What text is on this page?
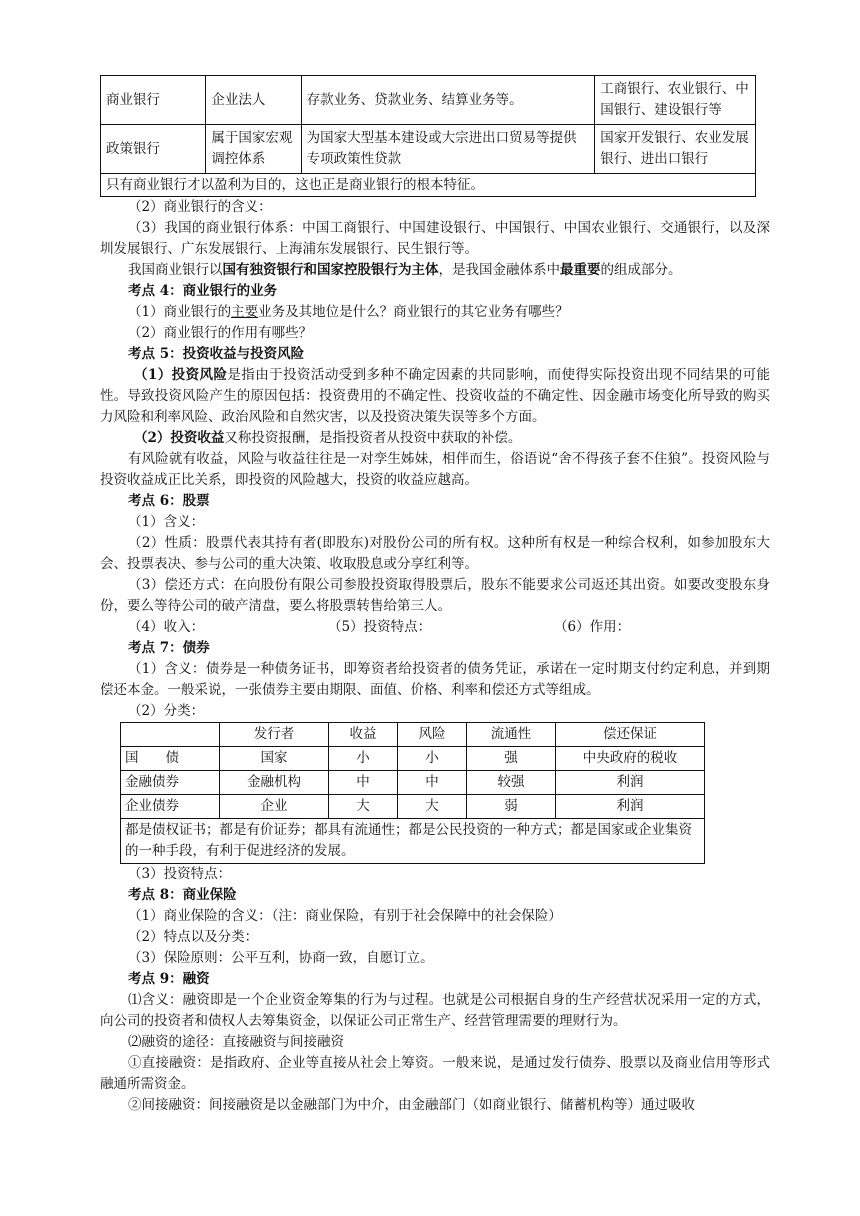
商业银行	企业法人	存款业务、贷款业务、结算业务等。	工商银行、农业银行、中国银行、建设银行等
政策银行	属于国家宏观调控体系	为国家大型基本建设或大宗进出口贸易等提供专项政策性贷款	国家开发银行、农业发展银行、进出口银行
只有商业银行才以盈利为目的，这也正是商业银行的根本特征。			

（2）商业银行的含义：

（3）我国的商业银行体系：中国工商银行、中国建设银行、中国银行、中国农业银行、交通银行，以及深圳发展银行、广东发展银行、上海浦东发展银行、民生银行等。

我国商业银行以国有独资银行和国家控股银行为主体，是我国金融体系中最重要的组成部分。

考点 4：商业银行的业务

（1）商业银行的主要业务及其地位是什么？商业银行的其它业务有哪些？

（2）商业银行的作用有哪些？

考点 5：投资收益与投资风险

（1）投资风险是指由于投资活动受到多种不确定因素的共同影响，而使得实际投资出现不同结果的可能性。导致投资风险产生的原因包括：投资费用的不确定性、投资收益的不确定性、因金融市场变化所导致的购买力风险和利率风险、政治风险和自然灾害，以及投资决策失误等多个方面。

（2）投资收益又称投资报酬，是指投资者从投资中获取的补偿。

有风险就有收益，风险与收益往往是一对孪生姊妹，相伴而生，俗语说“舍不得孩子套不住狼”。投资风险与投资收益成正比关系，即投资的风险越大，投资的收益应越高。

考点 6：股票

（1）含义：

（2）性质：股票代表其持有者(即股东)对股份公司的所有权。这种所有权是一种综合权利，如参加股东大会、投票表决、参与公司的重大决策、收取股息或分享红利等。

（3）偿还方式：在向股份有限公司参股投资取得股票后，股东不能要求公司返还其出资。如要改变股东身份，要么等待公司的破产清盘，要么将股票转售给第三人。

（4）收入：	（5）投资特点：	（6）作用：

考点 7：债券

（1）含义：债券是一种债务证书，即筹资者给投资者的债务凭证，承诺在一定时期支付约定利息，并到期偿还本金。一般采说，一张债券主要由期限、面值、价格、利率和偿还方式等组成。

（2）分类：

	发行者	收益	风险	流通性	偿还保证
国　　债	国家	小	小	强	中央政府的税收
金融债券	金融机构	中	中	较强	利润
企业债券	企业	大	大	弱	利润
都是债权证书；都是有价证券；都具有流通性；都是公民投资的一种方式；都是国家或企业集资的一种手段，有利于促进经济的发展。					

（3）投资特点：

考点 8：商业保险

（1）商业保险的含义：（注：商业保险，有别于社会保障中的社会保险）

（2）特点以及分类：

（3）保险原则：公平互利，协商一致，自愿订立。

考点 9：融资

⑴含义：融资即是一个企业资金筹集的行为与过程。也就是公司根据自身的生产经营状况采用一定的方式，向公司的投资者和债权人去筹集资金，以保证公司正常生产、经营管理需要的理财行为。

⑵融资的途径：直接融资与间接融资

①直接融资：是指政府、企业等直接从社会上筹资。一般来说，是通过发行债券、股票以及商业信用等形式融通所需资金。

②间接融资：间接融资是以金融部门为中介，由金融部门（如商业银行、储蓄机构等）通过吸收
